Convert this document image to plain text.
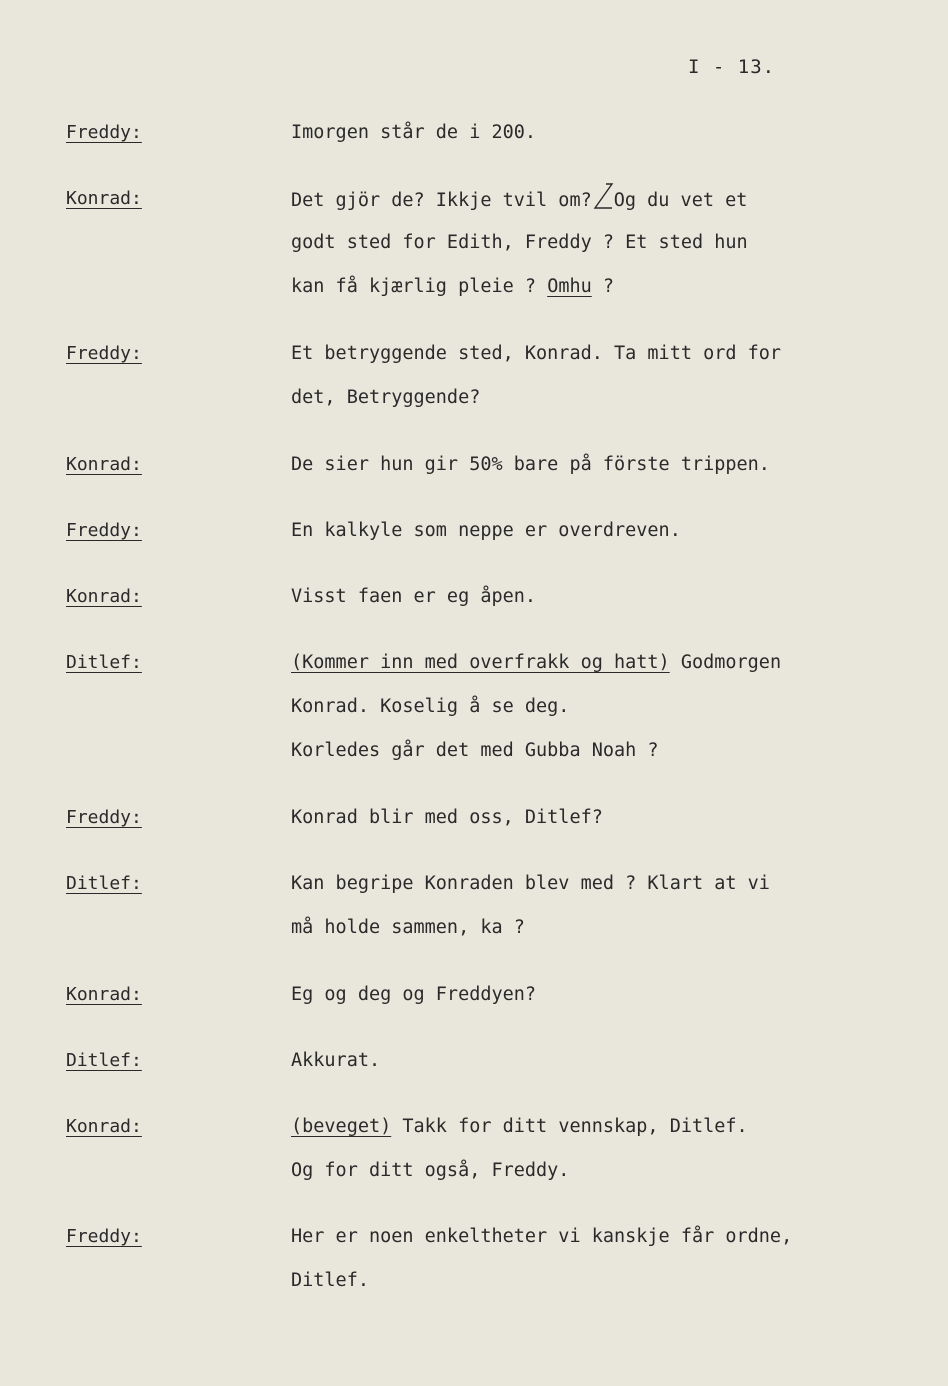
I - 13.
Freddy:	Imorgen står de i 200.
Konrad:	Det gjör de? Ikkje tvil om? Og du vet et
godt sted for Edith, Freddy ? Et sted hun
kan få kjærlig pleie ? Omhu ?
Freddy:	Et betryggende sted, Konrad. Ta mitt ord for
det, Betryggende?
Konrad:	De sier hun gir 50% bare på förste trippen.
Freddy:	En kalkyle som neppe er overdreven.
Konrad:	Visst faen er eg åpen.
Ditlef:	(Kommer inn med overfrakk og hatt) Godmorgen
Konrad. Koselig å se deg.
Korledes går det med Gubba Noah ?
Freddy:	Konrad blir med oss, Ditlef?
Ditlef:	Kan begripe Konraden blev med ? Klart at vi
må holde sammen, ka ?
Konrad:	Eg og deg og Freddyen?
Ditlef:	Akkurat.
Konrad:	(beveget) Takk for ditt vennskap, Ditlef.
Og for ditt også, Freddy.
Freddy:	Her er noen enkeltheter vi kanskje får ordne,
Ditlef.
